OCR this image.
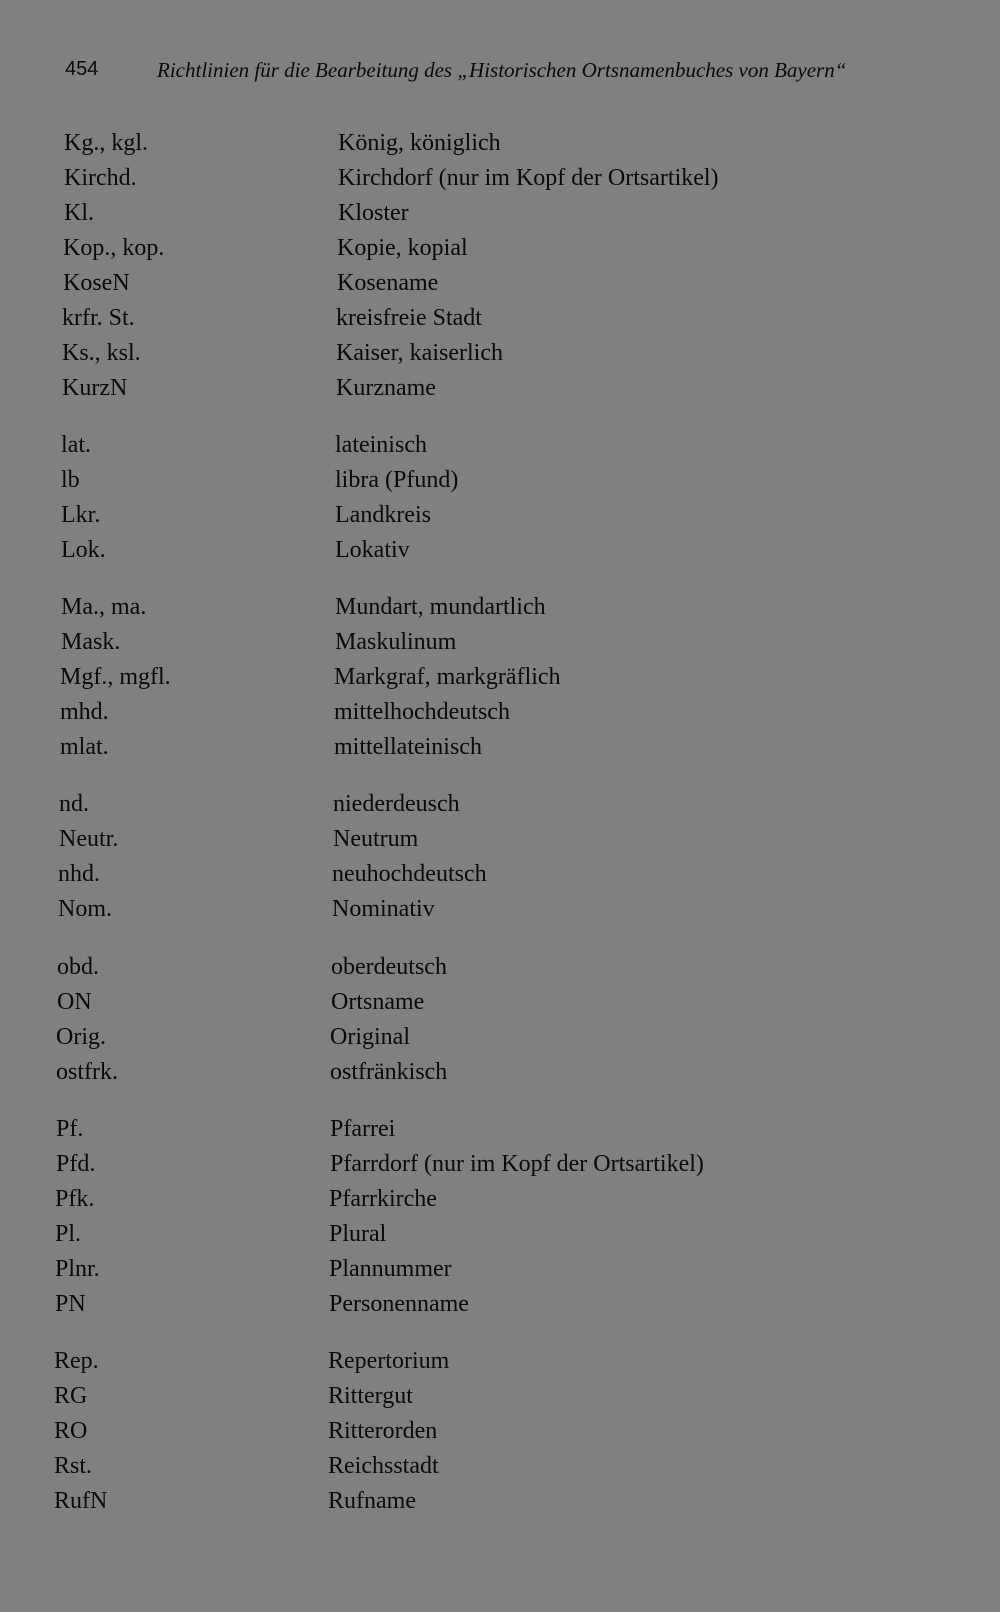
454	Richtlinien für die Bearbeitung des „Historischen Ortsnamenbuches von Bayern“
Kg., kgl.	König, königlich
Kirchd.	Kirchdorf (nur im Kopf der Ortsartikel)
Kl.	Kloster
Kop., kop.	Kopie, kopial
KoseN	Kosename
krfr. St.	kreisfreie Stadt
Ks., ksl.	Kaiser, kaiserlich
KurzN	Kurzname
lat.	lateinisch
lb	libra (Pfund)
Lkr.	Landkreis
Lok.	Lokativ
Ma., ma.	Mundart, mundartlich
Mask.	Maskulinum
Mgf., mgfl.	Markgraf, markgräflich
mhd.	mittelhochdeutsch
mlat.	mittellateinisch
nd.	niederdeusch
Neutr.	Neutrum
nhd.	neuhochdeutsch
Nom.	Nominativ
obd.	oberdeutsch
ON	Ortsname
Orig.	Original
ostfrk.	ostfränkisch
Pf.	Pfarrei
Pfd.	Pfarrdorf (nur im Kopf der Ortsartikel)
Pfk.	Pfarrkirche
Pl.	Plural
Plnr.	Plannummer
PN	Personenname
Rep.	Repertorium
RG	Rittergut
RO	Ritterorden
Rst.	Reichsstadt
RufN	Rufname
